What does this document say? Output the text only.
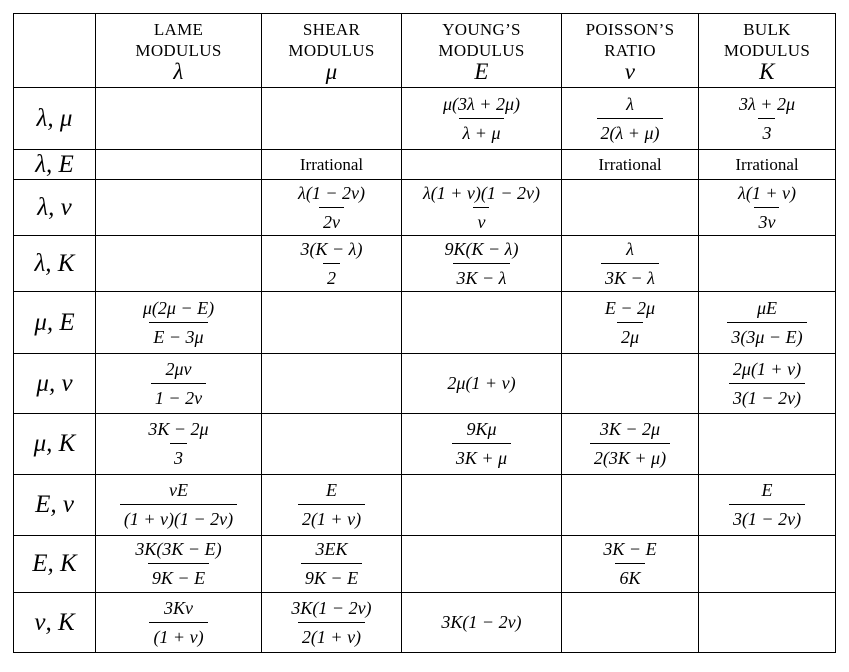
	LAME
MODULUS
λ	SHEAR
MODULUS
μ	YOUNG’S
MODULUS
E	POISSON’S
RATIO
ν	BULK
MODULUS
K

λ, μ			$\frac{\mu(3\lambda + 2\mu)}{\lambda + \mu}$	$\frac{\lambda}{2(\lambda + \mu)}$	$\frac{3\lambda + 2\mu}{3}$

λ, E		Irrational		Irrational	Irrational
λ, ν		$\frac{\lambda(1 - 2\nu)}{2\nu}$	$\frac{\lambda(1 + \nu)(1 - 2\nu)}{\nu}$		$\frac{\lambda(1 + \nu)}{3\nu}$

λ, K		$\frac{3(K - \lambda)}{2}$	$\frac{9K(K - \lambda)}{3K - \lambda}$	$\frac{\lambda}{3K - \lambda}$

μ, E	$\frac{\mu(2\mu - E)}{E - 3\mu}$			$\frac{E - 2\mu}{2\mu}$	$\frac{\mu E}{3(3\mu - E)}$

μ, ν	$\frac{2\mu\nu}{1 - 2\nu}$		2μ(1 + ν)		$\frac{2\mu(1 + \nu)}{3(1 - 2\nu)}$

μ, K	$\frac{3K - 2\mu}{3}$		$\frac{9K\mu}{3K + \mu}$	$\frac{3K - 2\mu}{2(3K + \mu)}$

E, ν	$\frac{\nu E}{(1 + \nu)(1 - 2\nu)}$	$\frac{E}{2(1 + \nu)}$			$\frac{E}{3(1 - 2\nu)}$

E, K	$\frac{3K(3K - E)}{9K - E}$	$\frac{3EK}{9K - E}$		$\frac{3K - E}{6K}$

ν, K	$\frac{3K\nu}{(1 + \nu)}$	$\frac{3K(1 - 2\nu)}{2(1 + \nu)}$	3K(1 − 2ν)		
